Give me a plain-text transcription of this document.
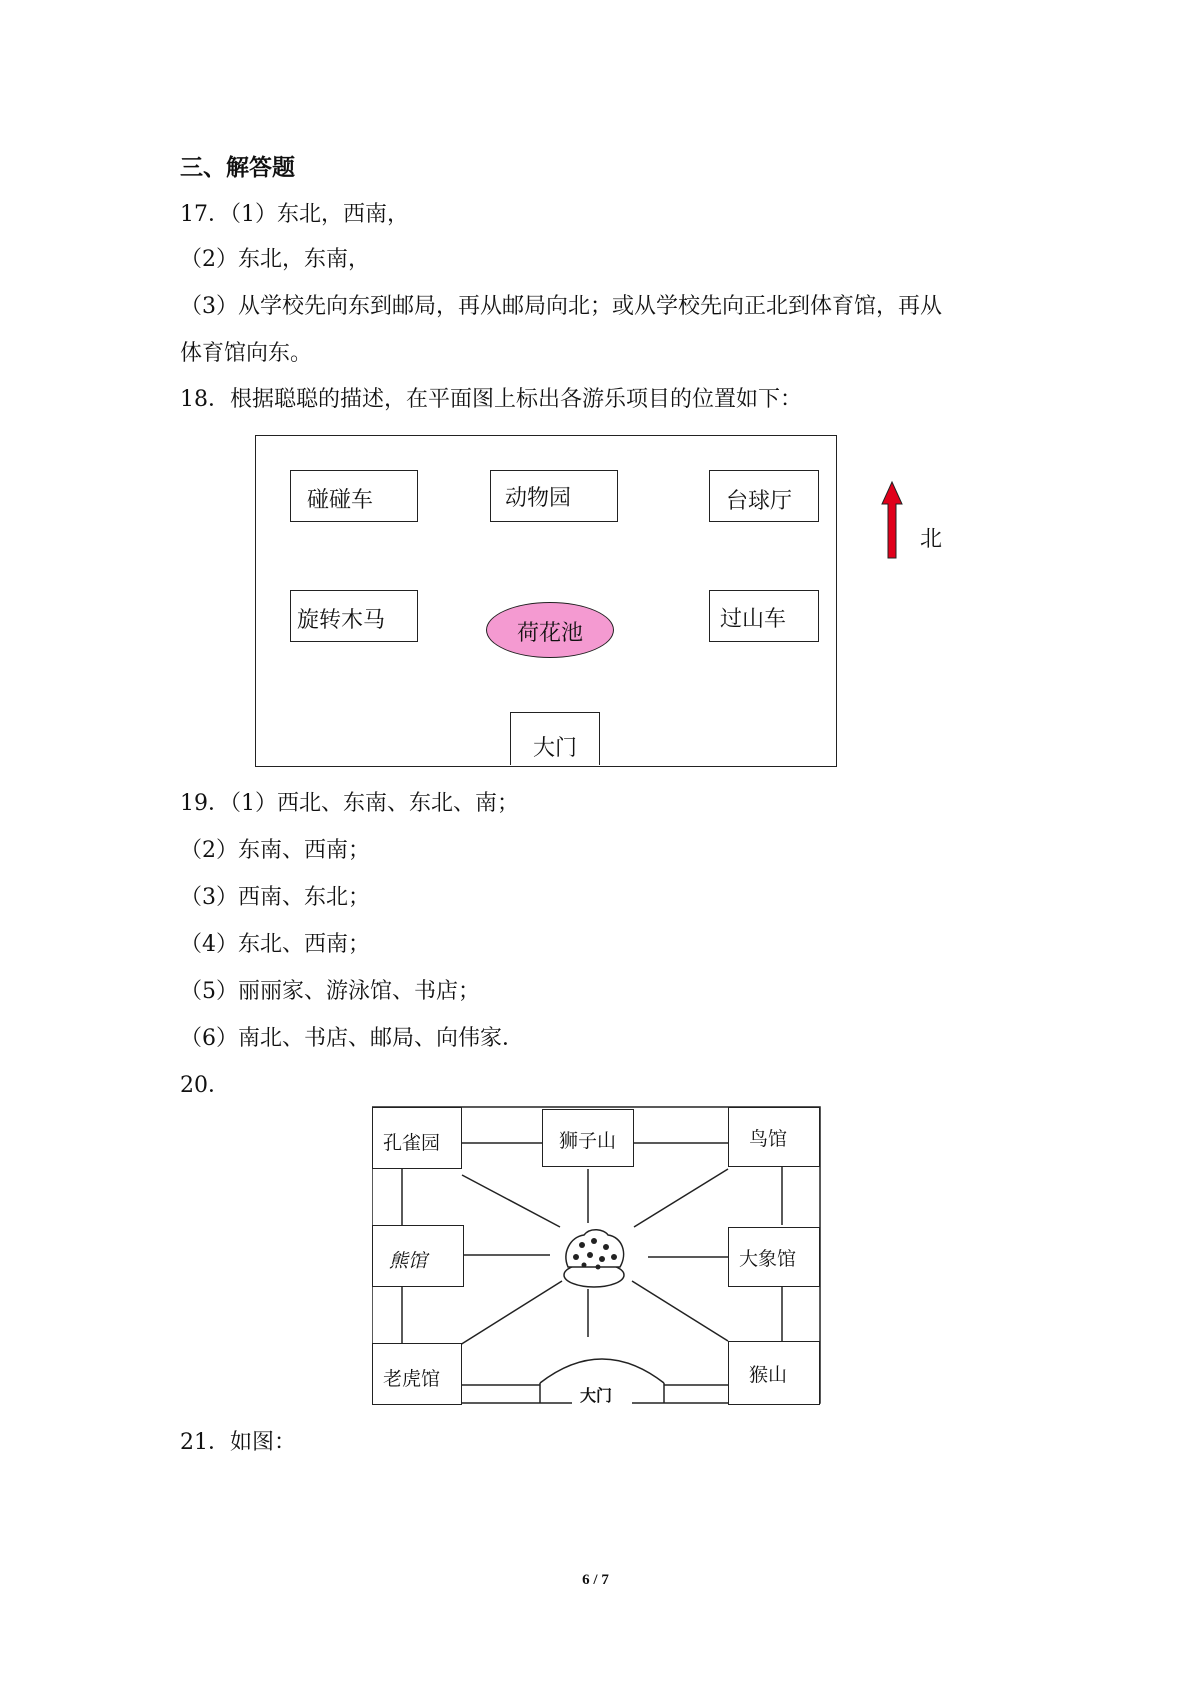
三、解答题
17．（1）东北，西南，
（2）东北，东南，
（3）从学校先向东到邮局，再从邮局向北；或从学校先向正北到体育馆，再从
体育馆向东。
18．根据聪聪的描述，在平面图上标出各游乐项目的位置如下：
碰碰车	动物园	台球厅
旋转木马
荷花池
过山车
大门
北
19．（1）西北、东南、东北、南；
（2）东南、西南；
（3）西南、东北；
（4）东北、西南；
（5）丽丽家、游泳馆、书店；
（6）南北、书店、邮局、向伟家．
20．
孔雀园	狮子山	鸟馆
熊馆	大象馆
老虎馆	猴山
大门
21．如图：
6 / 7
